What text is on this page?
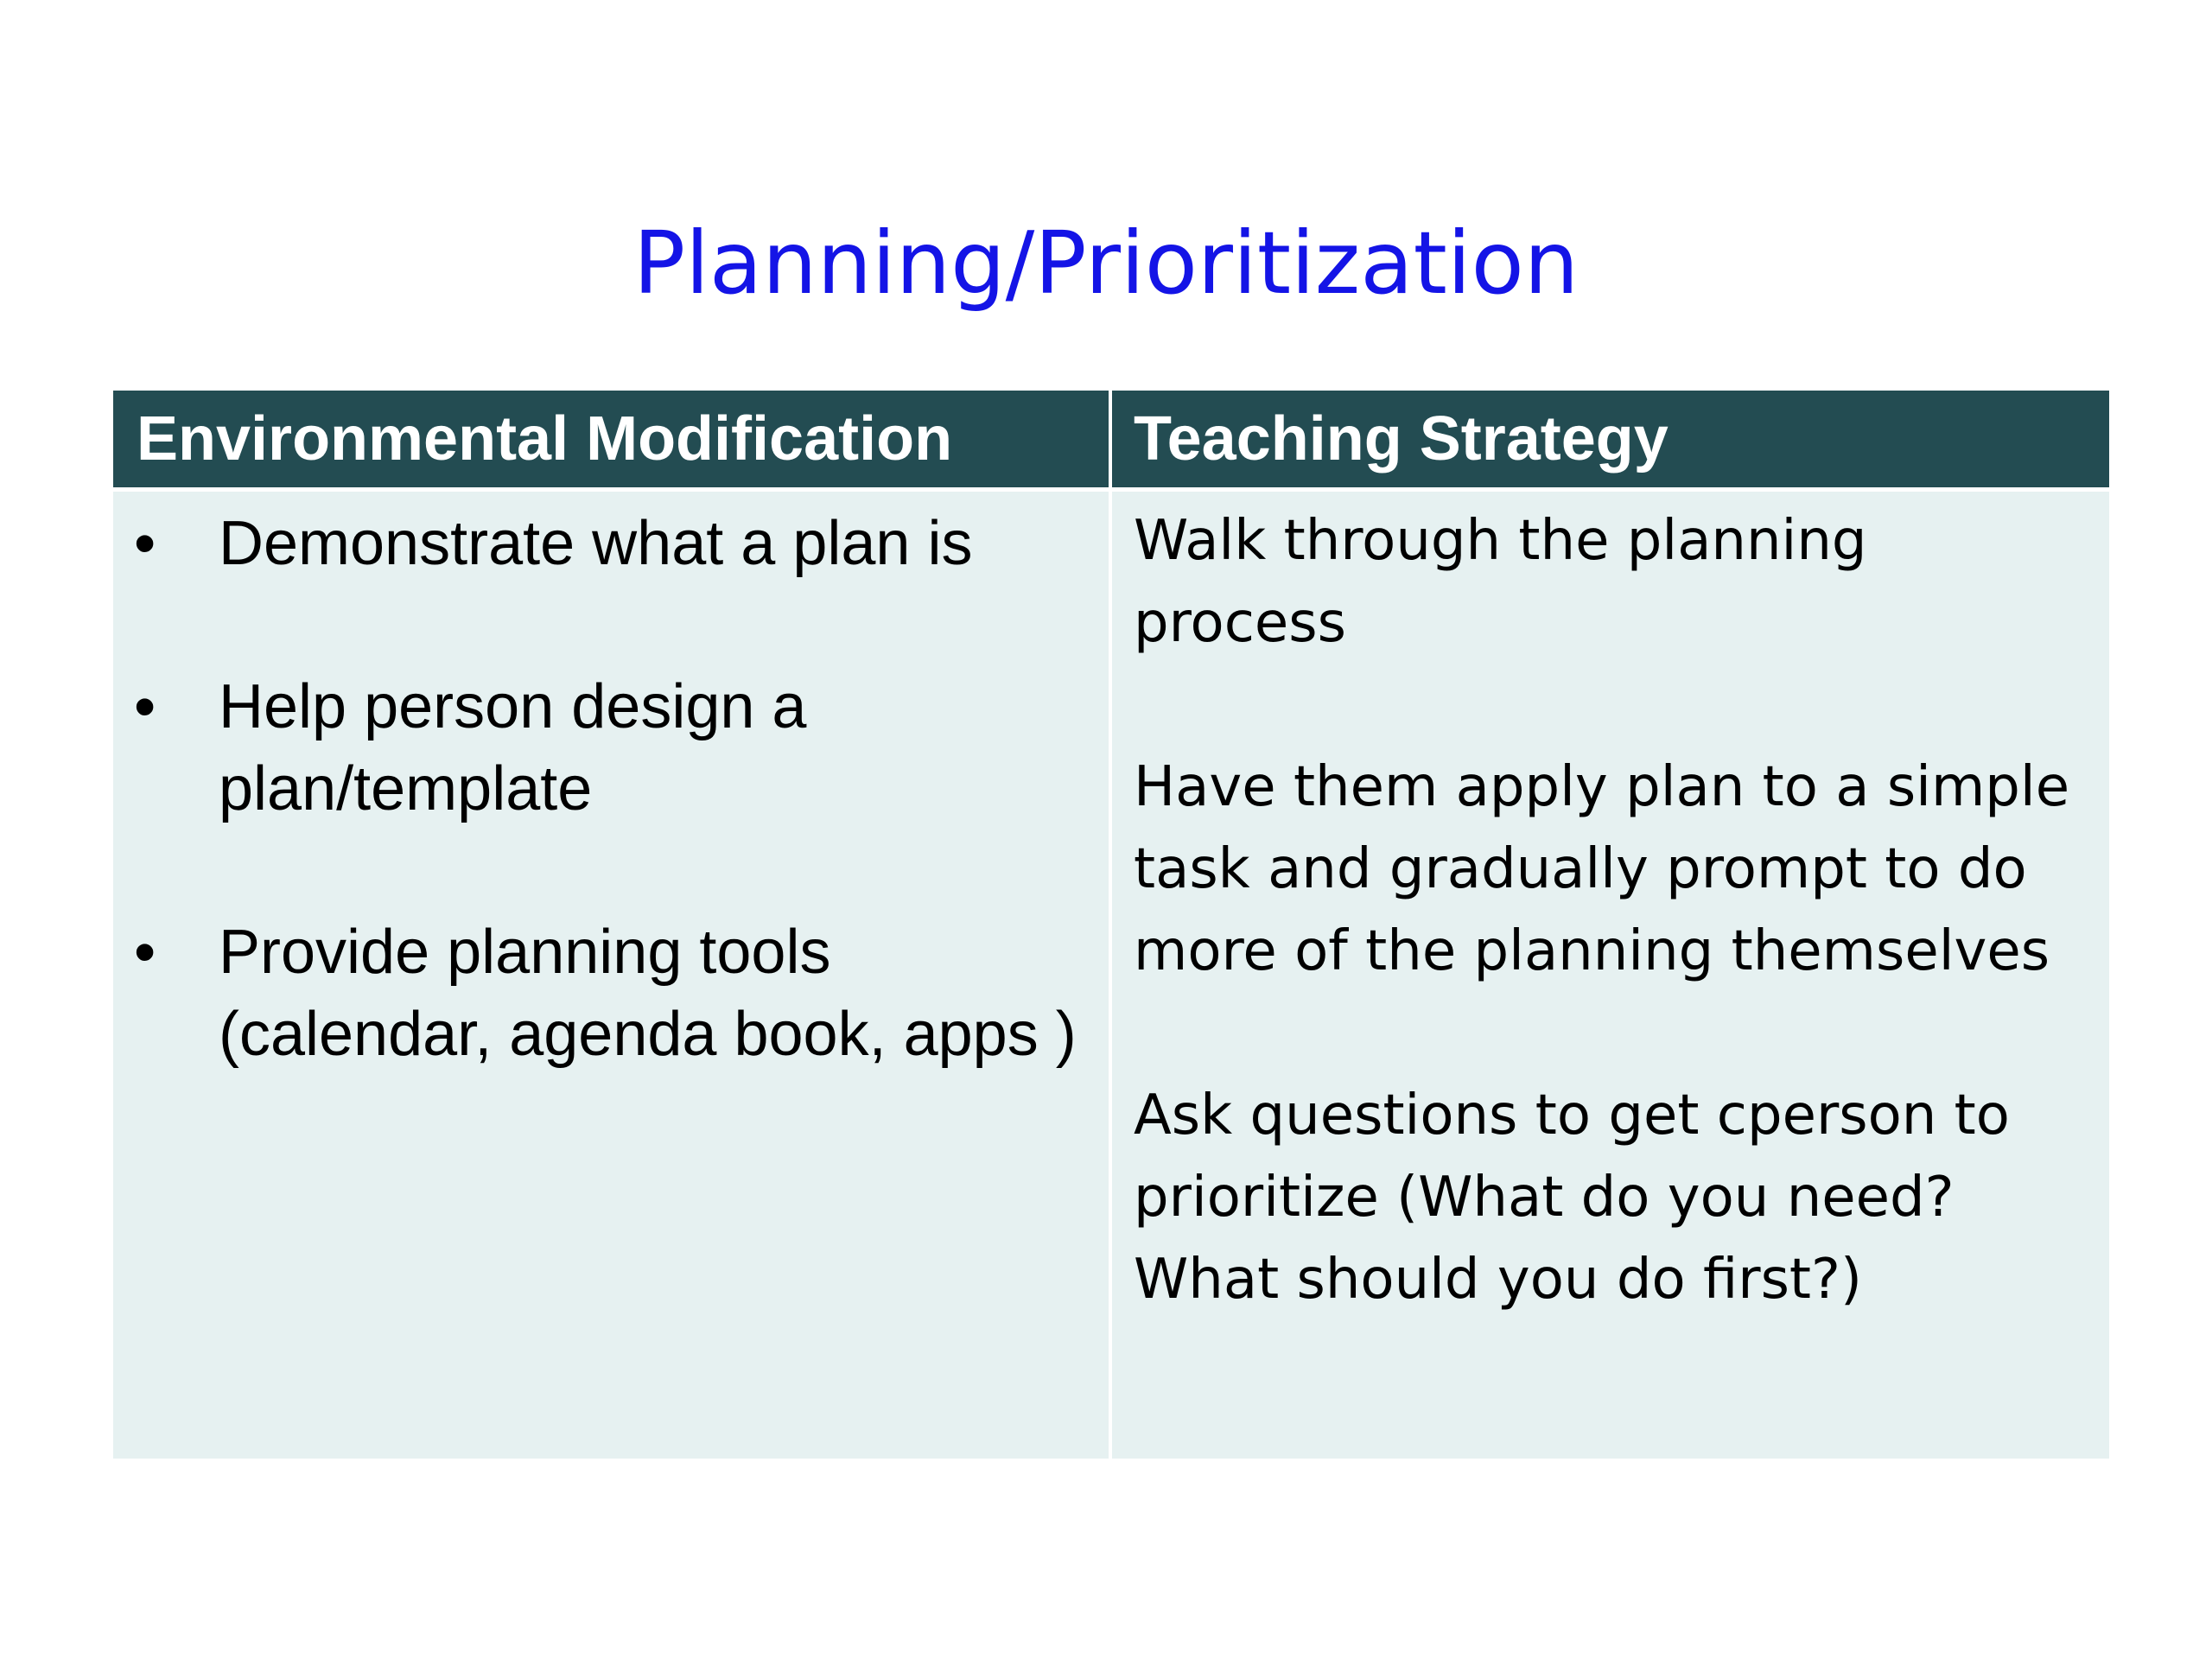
Planning/Prioritization
Environmental Modification	Teaching Strategy
• Demonstrate what a plan is
• Help person design a plan/template
• Provide planning tools (calendar, agenda book, apps )

Walk through the planning process

Have them apply plan to a simple task and gradually prompt to do more of the planning themselves

Ask questions to get cperson to prioritize (What do you need? What should you do first?)
